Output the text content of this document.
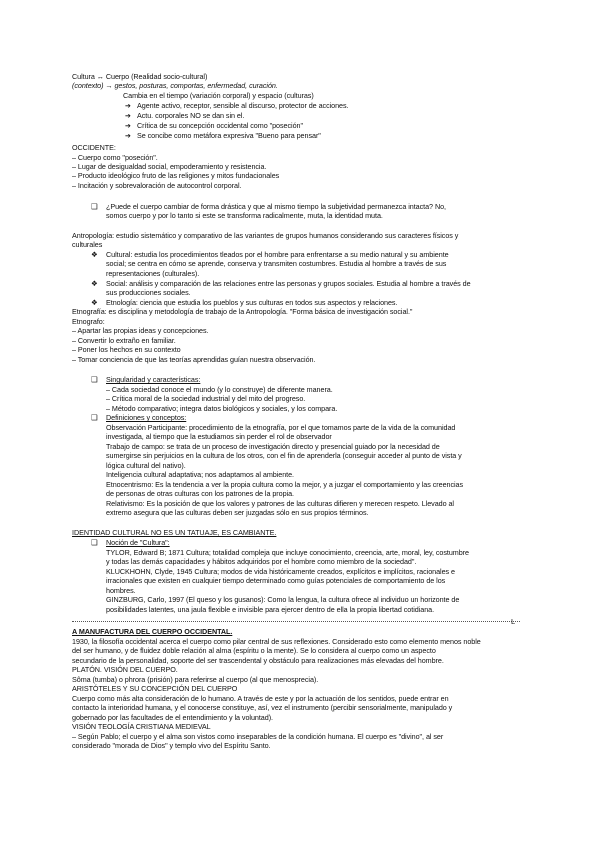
Cultura ↔ Cuerpo (Realidad socio-cultural)
(contexto) → gestos, posturas, comportas, enfermedad, curación.
Cambia en el tiempo (variación corporal) y espacio (culturas)
➔ Agente activo, receptor, sensible al discurso, protector de acciones.
➔ Actu. corporales NO se dan sin el.
➔ Crítica de su concepción occidental como "poseción"
➔ Se concibe como metáfora expresiva "Bueno para pensar"
OCCIDENTE:
– Cuerpo como "poseción".
– Lugar de desigualdad social, empoderamiento y resistencia.
– Producto ideológico fruto de las religiones y mitos fundacionales
– Incitación y sobrevaloración de autocontrol corporal.
❑ ¿Puede el cuerpo cambiar de forma drástica y que al mismo tiempo la subjetividad permanezca intacta? No,
somos cuerpo y por lo tanto si este se transforma radicalmente, muta, la identidad muta.
Antropología: estudio sistemático y comparativo de las variantes de grupos humanos considerando sus caracteres físicos y
culturales
❖ Cultural: estudia los procedimientos tleados por el hombre para enfrentarse a su medio natural y su ambiente
social; se centra en cómo se aprende, conserva y transmiten costumbres. Estudia al hombre a través de sus
representaciones (culturales).
❖ Social: análisis y comparación de las relaciones entre las personas y grupos sociales. Estudia al hombre a través de
sus producciones sociales.
❖ Etnología: ciencia que estudia los pueblos y sus culturas en todos sus aspectos y relaciones.
Etnografía: es disciplina y metodología de trabajo de la Antropología. "Forma básica de investigación social."
Etnografo:
– Apartar las propias ideas y concepciones.
– Convertir lo extraño en familiar.
– Poner los hechos en su contexto
– Tomar conciencia de que las teorías aprendidas guían nuestra observación.
❑ Singularidad y características:
– Cada sociedad conoce el mundo (y lo construye) de diferente manera.
– Crítica moral de la sociedad industrial y del mito del progreso.
– Método comparativo; integra datos biológicos y sociales, y los compara.
❑ Definiciones y conceptos:
Observación Participante: procedimiento de la etnografía, por el que tomamos parte de la vida de la comunidad
investigada, al tiempo que la estudiamos sin perder el rol de observador
Trabajo de campo: se trata de un proceso de investigación directo y presencial guiado por la necesidad de
sumergirse sin perjuicios en la cultura de los otros, con el fin de aprenderla (conseguir acceder al punto de vista y
lógica cultural del nativo).
Inteligencia cultural adaptativa; nos adaptamos al ambiente.
Etnocentrismo: Es la tendencia a ver la propia cultura como la mejor, y a juzgar el comportamiento y las creencias
de personas de otras culturas con los patrones de la propia.
Relativismo: Es la posición de que los valores y patrones de las culturas difieren y merecen respeto. Llevado al
extremo asegura que las culturas deben ser juzgadas sólo en sus propios términos.
IDENTIDAD CULTURAL NO ES UN TATUAJE, ES CAMBIANTE.
❑ Noción de "Cultura":
TYLOR, Edward B; 1871 Cultura; totalidad compleja que incluye conocimiento, creencia, arte, moral, ley, costumbre
y todas las demás capacidades y hábitos adquiridos por el hombre como miembro de la sociedad".
KLUCKHOHN, Clyde, 1945 Cultura; modos de vida históricamente creados, explícitos e implícitos, racionales e
irracionales que existen en cualquier tiempo determinado como guías potenciales de comportamiento de los
hombres.
GINZBURG, Carlo, 1997 (El queso y los gusanos): Como la lengua, la cultura ofrece al individuo un horizonte de
posibilidades latentes, una jaula flexible e invisible para ejercer dentro de ella la propia libertad cotidiana.
L
A MANUFACTURA DEL CUERPO OCCIDENTAL.
1930, la filosofía occidental acerca el cuerpo como pilar central de sus reflexiones. Considerado esto como elemento menos noble
del ser humano, y de fluidez doble relación al alma (espíritu o la mente). Se lo considera al cuerpo como un aspecto
secundario de la personalidad, soporte del ser trascendental y obstáculo para realizaciones más elevadas del hombre.
PLATÓN. VISIÓN DEL CUERPO.
Sôma (tumba) o phrora (prisión) para referirse al cuerpo (al que menosprecia).
ARISTÓTELES Y SU CONCEPCIÓN DEL CUERPO
Cuerpo como más alta consideración de lo humano. A través de este y por la actuación de los sentidos, puede entrar en
contacto la interioridad humana, y el conocerse constituye, así, vez el instrumento (percibir sensorialmente, manipulado y
gobernado por las facultades de el entendimiento y la voluntad).
VISIÓN TEOLOGÍA CRISTIANA MEDIEVAL
– Según Pablo; el cuerpo y el alma son vistos como inseparables de la condición humana. El cuerpo es "divino", al ser
considerado "morada de Dios" y templo vivo del Espíritu Santo.
